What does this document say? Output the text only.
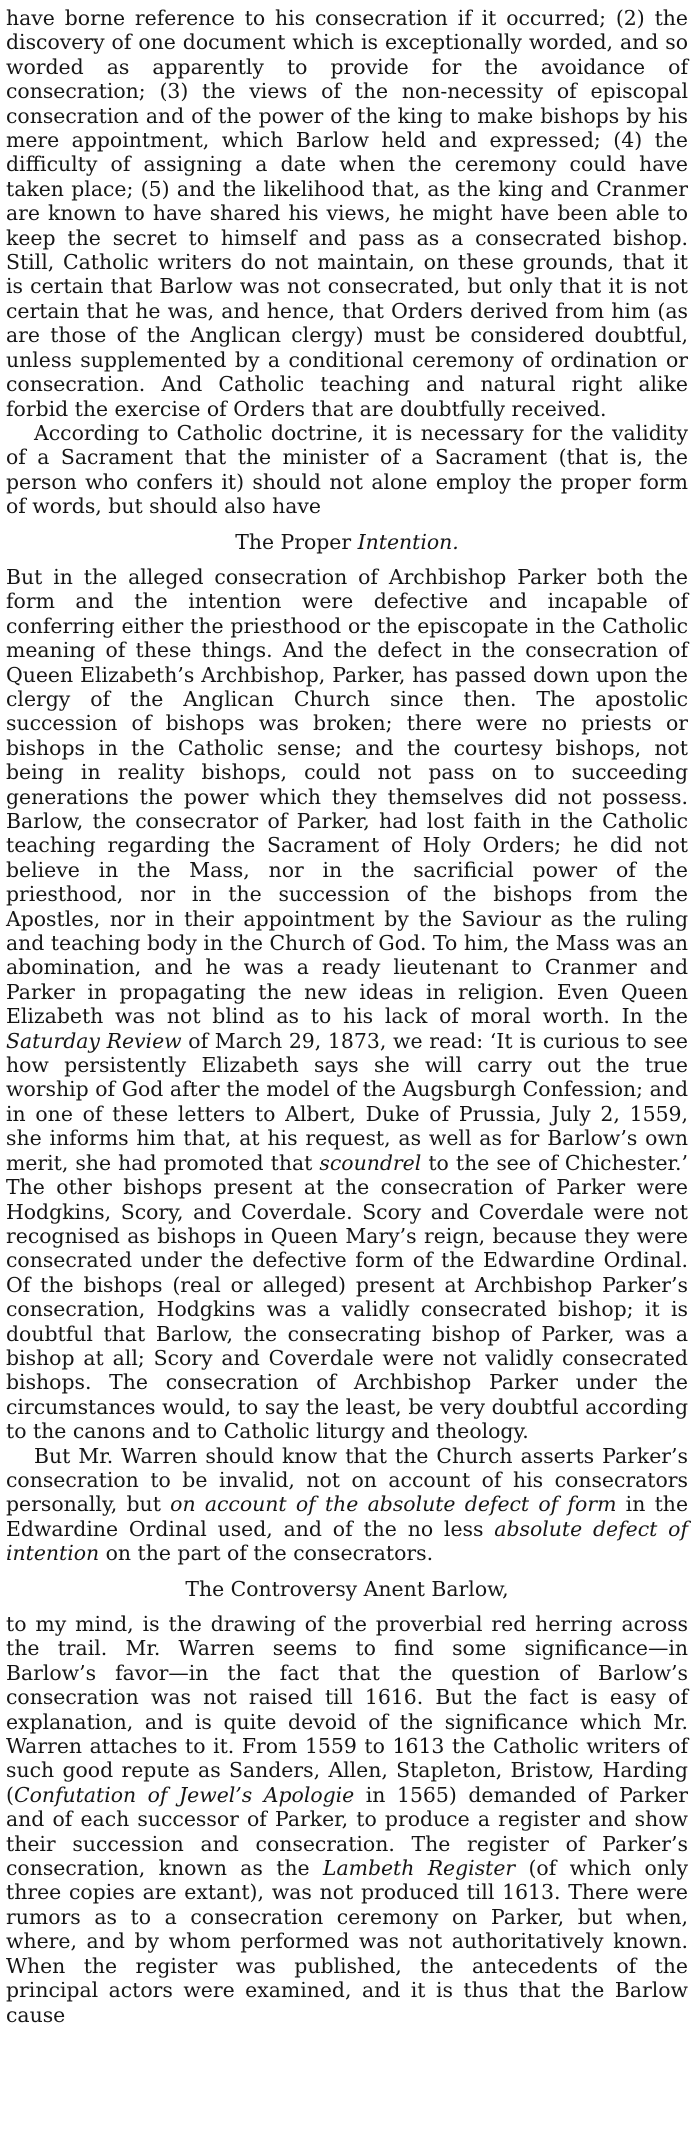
have borne reference to his consecration if it occurred; (2) the discovery of one document which is exceptionally worded, and so worded as apparently to provide for the avoidance of consecration; (3) the views of the non-necessity of episcopal consecration and of the power of the king to make bishops by his mere appointment, which Barlow held and expressed; (4) the difficulty of assigning a date when the ceremony could have taken place; (5) and the likelihood that, as the king and Cranmer are known to have shared his views, he might have been able to keep the secret to himself and pass as a consecrated bishop. Still, Catholic writers do not maintain, on these grounds, that it is certain that Barlow was not consecrated, but only that it is not certain that he was, and hence, that Orders derived from him (as are those of the Anglican clergy) must be considered doubtful, unless supplemented by a conditional ceremony of ordination or consecration. And Catholic teaching and natural right alike forbid the exercise of Orders that are doubtfully received.

According to Catholic doctrine, it is necessary for the validity of a Sacrament that the minister of a Sacrament (that is, the person who confers it) should not alone employ the proper form of words, but should also have

The Proper Intention.

But in the alleged consecration of Archbishop Parker both the form and the intention were defective and incapable of conferring either the priesthood or the episcopate in the Catholic meaning of these things. And the defect in the consecration of Queen Elizabeth’s Archbishop, Parker, has passed down upon the clergy of the Anglican Church since then. The apostolic succession of bishops was broken; there were no priests or bishops in the Catholic sense; and the courtesy bishops, not being in reality bishops, could not pass on to succeeding generations the power which they themselves did not possess. Barlow, the consecrator of Parker, had lost faith in the Catholic teaching regarding the Sacrament of Holy Orders; he did not believe in the Mass, nor in the sacrificial power of the priesthood, nor in the succession of the bishops from the Apostles, nor in their appointment by the Saviour as the ruling and teaching body in the Church of God. To him, the Mass was an abomination, and he was a ready lieutenant to Cranmer and Parker in propagating the new ideas in religion. Even Queen Elizabeth was not blind as to his lack of moral worth. In the Saturday Review of March 29, 1873, we read: ‘It is curious to see how persistently Elizabeth says she will carry out the true worship of God after the model of the Augsburgh Confession; and in one of these letters to Albert, Duke of Prussia, July 2, 1559, she informs him that, at his request, as well as for Barlow’s own merit, she had promoted that scoundrel to the see of Chichester.’ The other bishops present at the consecration of Parker were Hodgkins, Scory, and Coverdale. Scory and Coverdale were not recognised as bishops in Queen Mary’s reign, because they were consecrated under the defective form of the Edwardine Ordinal. Of the bishops (real or alleged) present at Archbishop Parker’s consecration, Hodgkins was a validly consecrated bishop; it is doubtful that Barlow, the consecrating bishop of Parker, was a bishop at all; Scory and Coverdale were not validly consecrated bishops. The consecration of Archbishop Parker under the circumstances would, to say the least, be very doubtful according to the canons and to Catholic liturgy and theology.

But Mr. Warren should know that the Church asserts Parker’s consecration to be invalid, not on account of his consecrators personally, but on account of the absolute defect of form in the Edwardine Ordinal used, and of the no less absolute defect of intention on the part of the consecrators.

The Controversy Anent Barlow,

to my mind, is the drawing of the proverbial red herring across the trail. Mr. Warren seems to find some significance—in Barlow’s favor—in the fact that the question of Barlow’s consecration was not raised till 1616. But the fact is easy of explanation, and is quite devoid of the significance which Mr. Warren attaches to it. From 1559 to 1613 the Catholic writers of such good repute as Sanders, Allen, Stapleton, Bristow, Harding (Confutation of Jewel’s Apologie in 1565) demanded of Parker and of each successor of Parker, to produce a register and show their succession and consecration. The register of Parker’s consecration, known as the Lambeth Register (of which only three copies are extant), was not produced till 1613. There were rumors as to a consecration ceremony on Parker, but when, where, and by whom performed was not authoritatively known. When the register was published, the antecedents of the principal actors were examined, and it is thus that the Barlow cause
